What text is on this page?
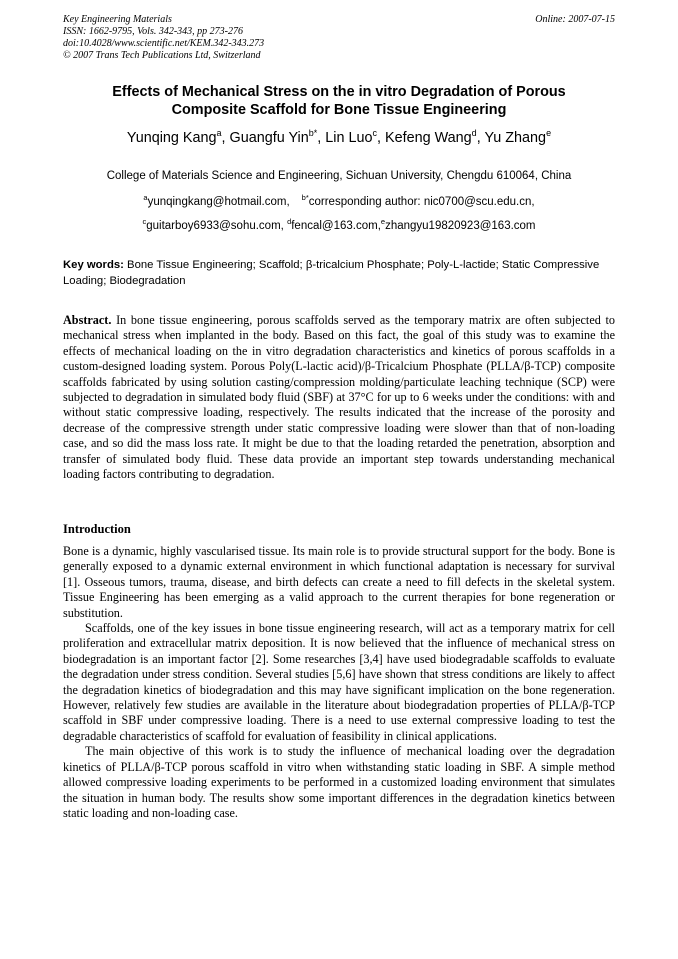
Key Engineering Materials
ISSN: 1662-9795, Vols. 342-343, pp 273-276
doi:10.4028/www.scientific.net/KEM.342-343.273
© 2007 Trans Tech Publications Ltd, Switzerland
Online: 2007-07-15
Effects of Mechanical Stress on the in vitro Degradation of Porous
Composite Scaffold for Bone Tissue Engineering
Yunqing Kang$^a$, Guangfu Yin$^{b*}$, Lin Luo$^c$, Kefeng Wang$^d$, Yu Zhang$^e$
College of Materials Science and Engineering, Sichuan University, Chengdu 610064, China
$^a$yunqingkang@hotmail.com, $^{b*}$corresponding author: nic0700@scu.edu.cn,
$^c$guitarboy6933@sohu.com, $^d$fencal@163.com,$^e$zhangyu19820923@163.com
Key words: Bone Tissue Engineering; Scaffold; β-tricalcium Phosphate; Poly-L-lactide; Static Compressive Loading; Biodegradation
Abstract. In bone tissue engineering, porous scaffolds served as the temporary matrix are often subjected to mechanical stress when implanted in the body. Based on this fact, the goal of this study was to examine the effects of mechanical loading on the in vitro degradation characteristics and kinetics of porous scaffolds in a custom-designed loading system. Porous Poly(L-lactic acid)/β-Tricalcium Phosphate (PLLA/β-TCP) composite scaffolds fabricated by using solution casting/compression molding/particulate leaching technique (SCP) were subjected to degradation in simulated body fluid (SBF) at 37°C for up to 6 weeks under the conditions: with and without static compressive loading, respectively. The results indicated that the increase of the porosity and decrease of the compressive strength under static compressive loading were slower than that of non-loading case, and so did the mass loss rate. It might be due to that the loading retarded the penetration, absorption and transfer of simulated body fluid. These data provide an important step towards understanding mechanical loading factors contributing to degradation.
Introduction

Bone is a dynamic, highly vascularised tissue. Its main role is to provide structural support for the body. Bone is generally exposed to a dynamic external environment in which functional adaptation is necessary for survival [1]. Osseous tumors, trauma, disease, and birth defects can create a need to fill defects in the skeletal system. Tissue Engineering has been emerging as a valid approach to the current therapies for bone regeneration or substitution.

Scaffolds, one of the key issues in bone tissue engineering research, will act as a temporary matrix for cell proliferation and extracellular matrix deposition. It is now believed that the influence of mechanical stress on biodegradation is an important factor [2]. Some researches [3,4] have used biodegradable scaffolds to evaluate the degradation under stress condition. Several studies [5,6] have shown that stress conditions are likely to affect the degradation kinetics of biodegradation and this may have significant implication on the bone regeneration. However, relatively few studies are available in the literature about biodegradation properties of PLLA/β-TCP scaffold in SBF under compressive loading. There is a need to use external compressive loading to test the degradable characteristics of scaffold for evaluation of feasibility in clinical applications.

The main objective of this work is to study the influence of mechanical loading over the degradation kinetics of PLLA/β-TCP porous scaffold in vitro when withstanding static loading in SBF. A simple method allowed compressive loading experiments to be performed in a customized loading environment that simulates the situation in human body. The results show some important differences in the degradation kinetics between static loading and non-loading case.
